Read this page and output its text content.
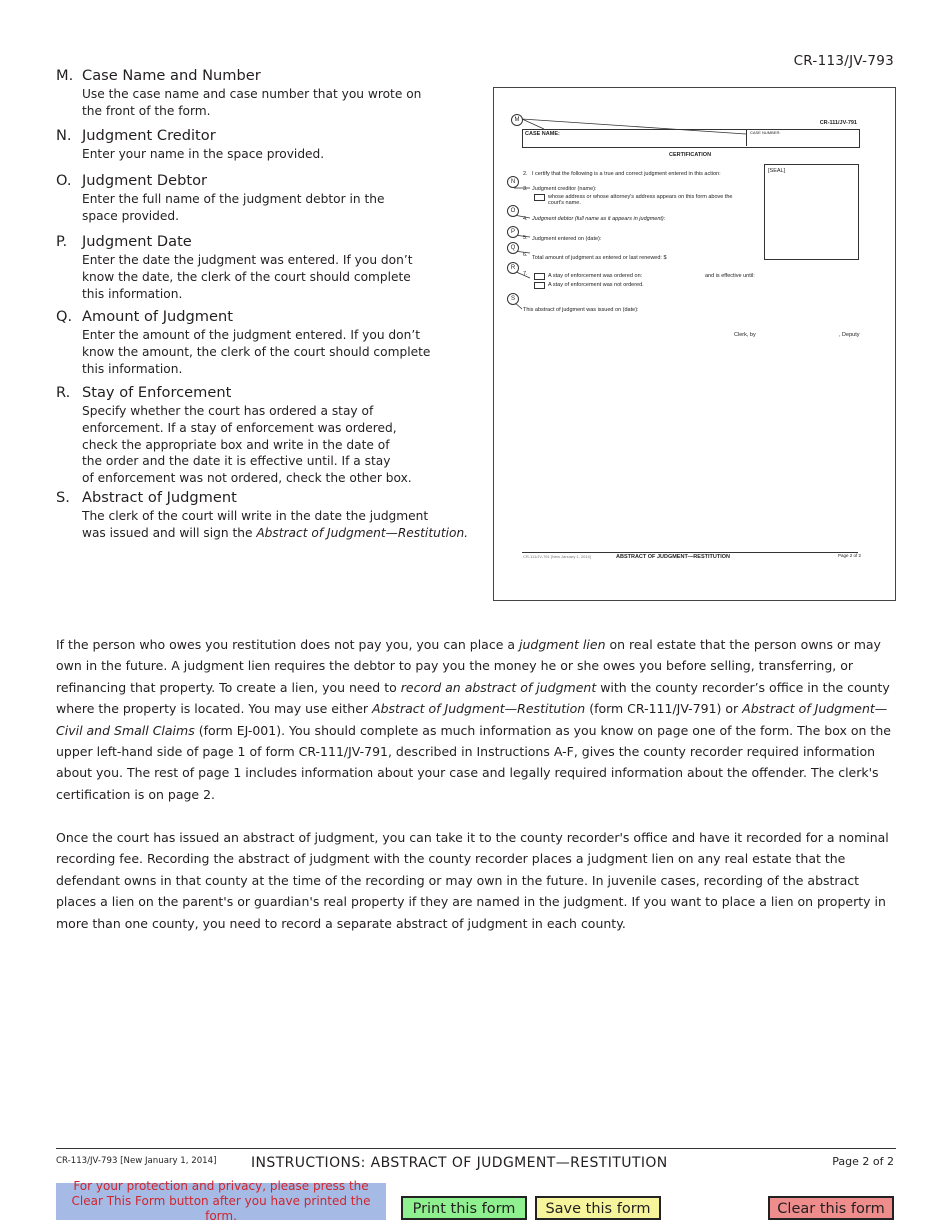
CR-113/JV-793
M. Case Name and Number
Use the case name and case number that you wrote on
the front of the form.
N. Judgment Creditor
Enter your name in the space provided.
O. Judgment Debtor
Enter the full name of the judgment debtor in the
space provided.
P. Judgment Date
Enter the date the judgment was entered. If you don’t
know the date, the clerk of the court should complete
this information.
Q. Amount of Judgment
Enter the amount of the judgment entered. If you don’t
know the amount, the clerk of the court should complete
this information.
R. Stay of Enforcement
Specify whether the court has ordered a stay of
enforcement. If a stay of enforcement was ordered,
check the appropriate box and write in the date of
the order and the date it is effective until. If a stay
of enforcement was not ordered, check the other box.
S. Abstract of Judgment
The clerk of the court will write in the date the judgment
was issued and will sign the Abstract of Judgment—Restitution.
CR-111/JV-791
CASE NAME:	CASE NUMBER:
CERTIFICATION
[SEAL]
2. I certify that the following is a true and correct judgment entered in this action:
3. Judgment creditor (name):
whose address or whose attorney's address appears on this form above the
court's name.
4. Judgment debtor (full name as it appears in judgment):
5. Judgment entered on (date):
6. Total amount of judgment as entered or last renewed: $
7.	A stay of enforcement was ordered on:	and is effective until:
A stay of enforcement was not ordered.
This abstract of judgment was issued on (date):
Clerk, by	, Deputy
CR-111/JV-791 [New January 1, 2014]	ABSTRACT OF JUDGMENT—RESTITUTION	Page 2 of 2
M
N
O
P
Q
R
S
If the person who owes you restitution does not pay you, you can place a judgment lien on real estate that the person owns or may own in the future. A judgment lien requires the debtor to pay you the money he or she owes you before selling, transferring, or refinancing that property. To create a lien, you need to record an abstract of judgment with the county recorder’s office in the county where the property is located. You may use either Abstract of Judgment—Restitution (form CR-111/JV-791) or Abstract of Judgment—Civil and Small Claims (form EJ-001). You should complete as much information as you know on page one of the form. The box on the upper left-hand side of page 1 of form CR-111/JV-791, described in Instructions A-F, gives the county recorder required information about you. The rest of page 1 includes information about your case and legally required information about the offender. The clerk's certification is on page 2.
Once the court has issued an abstract of judgment, you can take it to the county recorder's office and have it recorded for a nominal recording fee. Recording the abstract of judgment with the county recorder places a judgment lien on any real estate that the defendant owns in that county at the time of the recording or may own in the future. In juvenile cases, recording of the abstract places a lien on the parent's or guardian's real property if they are named in the judgment. If you want to place a lien on property in more than one county, you need to record a separate abstract of judgment in each county.
CR-113/JV-793 [New January 1, 2014] INSTRUCTIONS: ABSTRACT OF JUDGMENT—RESTITUTION	Page 2 of 2
For your protection and privacy, please press the Clear This Form button after you have printed the form.	Print this form	Save this form	Clear this form
